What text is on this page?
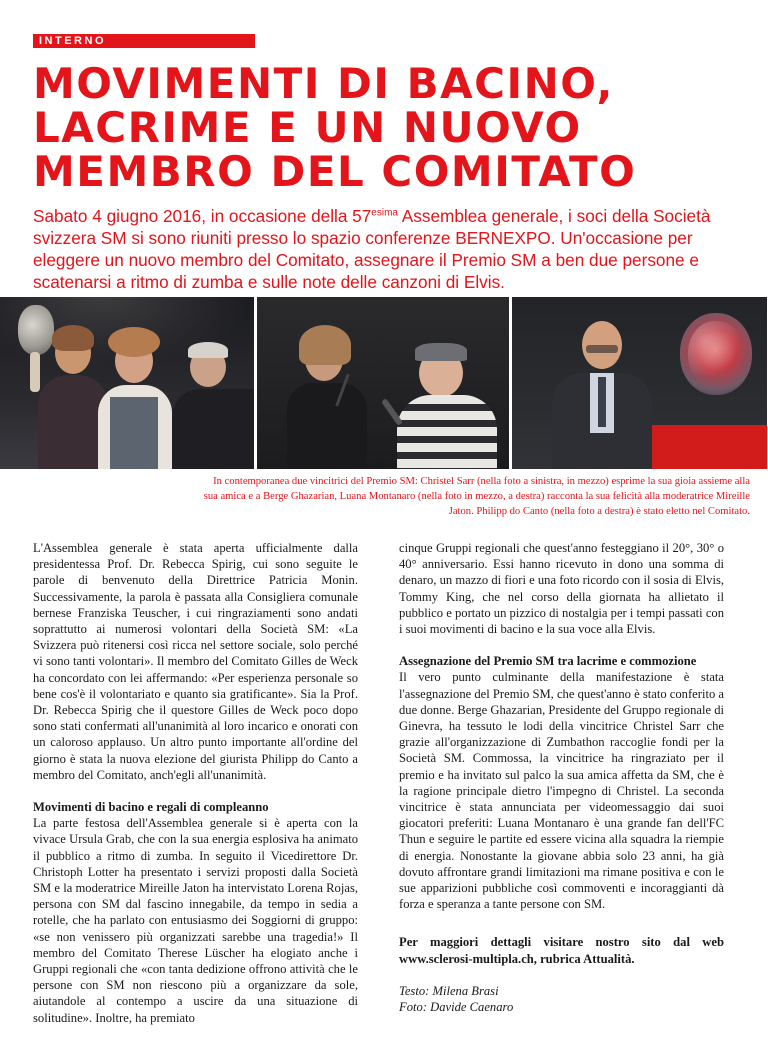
INTERNO
MOVIMENTI DI BACINO,
LACRIME E UN NUOVO
MEMBRO DEL COMITATO

Sabato 4 giugno 2016, in occasione della $57^{esima}$ Assemblea generale, i soci della Società svizzera SM si sono riuniti presso lo spazio conferenze BERNEXPO. Un'occasione per eleggere un nuovo membro del Comitato, assegnare il Premio SM a ben due persone e scatenarsi a ritmo di zumba e sulle note delle canzoni di Elvis.

In contemporanea due vincitrici del Premio SM: Christel Sarr (nella foto a sinistra, in mezzo) esprime la sua gioia assieme alla sua amica e a Berge Ghazarian, Luana Montanaro (nella foto in mezzo, a destra) racconta la sua felicità alla moderatrice Mireille Jaton. Philipp do Canto (nella foto a destra) è stato eletto nel Comitato.

L'Assemblea generale è stata aperta ufficialmente dalla presidentessa Prof. Dr. Rebecca Spirig, cui sono seguite le parole di benvenuto della Direttrice Patricia Monin. Successivamente, la parola è passata alla Consigliera comunale bernese Franziska Teuscher, i cui ringraziamenti sono andati soprattutto ai numerosi volontari della Società SM: «La Svizzera può ritenersi così ricca nel settore sociale, solo perché vi sono tanti volontari». Il membro del Comitato Gilles de Weck ha concordato con lei affermando: «Per esperienza personale so bene cos'è il volontariato e quanto sia gratificante». Sia la Prof. Dr. Rebecca Spirig che il questore Gilles de Weck poco dopo sono stati confermati all'unanimità al loro incarico e onorati con un caloroso applauso. Un altro punto importante all'ordine del giorno è stata la nuova elezione del giurista Philipp do Canto a membro del Comitato, anch'egli all'unanimità.

Movimenti di bacino e regali di compleanno
La parte festosa dell'Assemblea generale si è aperta con la vivace Ursula Grab, che con la sua energia esplosiva ha animato il pubblico a ritmo di zumba. In seguito il Vicedirettore Dr. Christoph Lotter ha presentato i servizi proposti dalla Società SM e la moderatrice Mireille Jaton ha intervistato Lorena Rojas, persona con SM dal fascino innegabile, da tempo in sedia a rotelle, che ha parlato con entusiasmo dei Soggiorni di gruppo: «se non venissero più organizzati sarebbe una tragedia!» Il membro del Comitato Therese Lüscher ha elogiato anche i Gruppi regionali che «con tanta dedizione offrono attività che le persone con SM non riescono più a organizzare da sole, aiutandole al contempo a uscire da una situazione di solitudine». Inoltre, ha premiato

cinque Gruppi regionali che quest'anno festeggiano il 20°, 30° o 40° anniversario. Essi hanno ricevuto in dono una somma di denaro, un mazzo di fiori e una foto ricordo con il sosia di Elvis, Tommy King, che nel corso della giornata ha allietato il pubblico e portato un pizzico di nostalgia per i tempi passati con i suoi movimenti di bacino e la sua voce alla Elvis.

Assegnazione del Premio SM tra lacrime e commozione
Il vero punto culminante della manifestazione è stata l'assegnazione del Premio SM, che quest'anno è stato conferito a due donne. Berge Ghazarian, Presidente del Gruppo regionale di Ginevra, ha tessuto le lodi della vincitrice Christel Sarr che grazie all'organizzazione di Zumbathon raccoglie fondi per la Società SM. Commossa, la vincitrice ha ringraziato per il premio e ha invitato sul palco la sua amica affetta da SM, che è la ragione principale dietro l'impegno di Christel. La seconda vincitrice è stata annunciata per videomessaggio dai suoi giocatori preferiti: Luana Montanaro è una grande fan dell'FC Thun e seguire le partite ed essere vicina alla squadra la riempie di energia. Nonostante la giovane abbia solo 23 anni, ha già dovuto affrontare grandi limitazioni ma rimane positiva e con le sue apparizioni pubbliche così commoventi e incoraggianti dà forza e speranza a tante persone con SM.

Per maggiori dettagli visitare nostro sito dal web www.sclerosi-multipla.ch, rubrica Attualità.

Testo: Milena Brasi

Foto: Davide Caenaro
